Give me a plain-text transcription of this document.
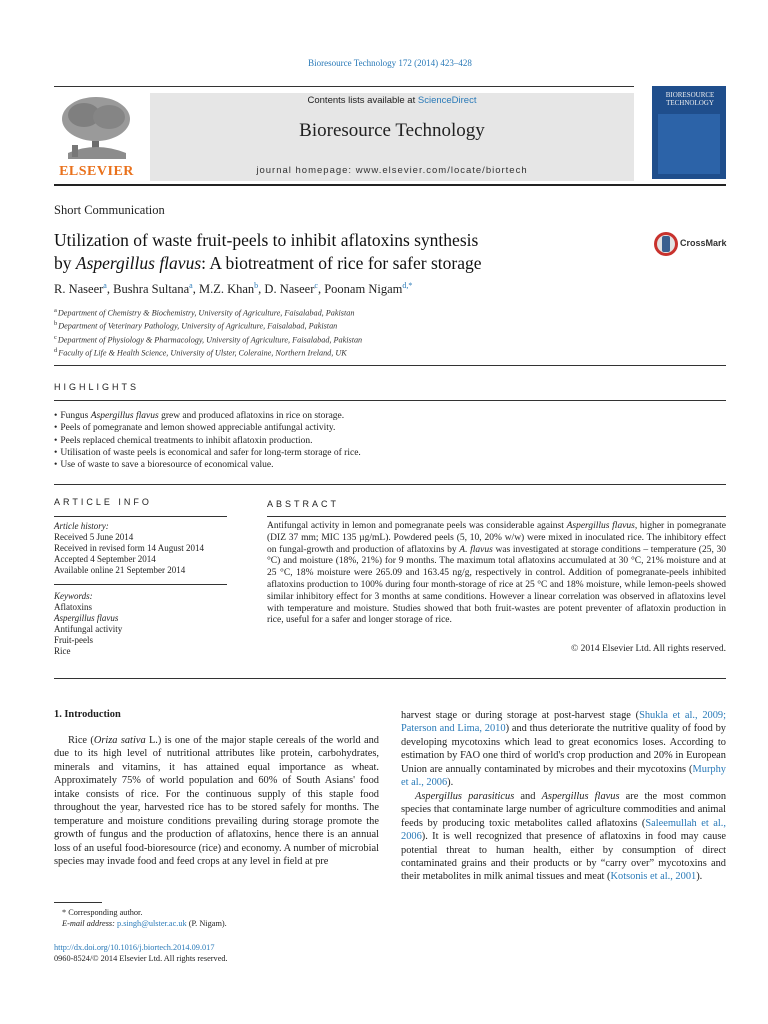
Bioresource Technology 172 (2014) 423–428
ELSEVIER
Contents lists available at ScienceDirect
Bioresource Technology
journal homepage: www.elsevier.com/locate/biortech
BIORESOURCE TECHNOLOGY
Short Communication
Utilization of waste fruit-peels to inhibit aflatoxins synthesis
by Aspergillus flavus: A biotreatment of rice for safer storage
CrossMark
R. Naseer$^a$, Bushra Sultana$^a$, M.Z. Khan$^b$, D. Naseer$^c$, Poonam Nigam$^{d,*}$
$^a$Department of Chemistry & Biochemistry, University of Agriculture, Faisalabad, Pakistan
$^b$Department of Veterinary Pathology, University of Agriculture, Faisalabad, Pakistan
$^c$Department of Physiology & Pharmacology, University of Agriculture, Faisalabad, Pakistan
$^d$Faculty of Life & Health Science, University of Ulster, Coleraine, Northern Ireland, UK
HIGHLIGHTS
• Fungus Aspergillus flavus grew and produced aflatoxins in rice on storage.
• Peels of pomegranate and lemon showed appreciable antifungal activity.
• Peels replaced chemical treatments to inhibit aflatoxin production.
• Utilisation of waste peels is economical and safer for long-term storage of rice.
• Use of waste to save a bioresource of economical value.
ARTICLE INFO	ABSTRACT
Article history:
Received 5 June 2014
Received in revised form 14 August 2014
Accepted 4 September 2014
Available online 21 September 2014
Keywords:
Aflatoxins
Aspergillus flavus
Antifungal activity
Fruit-peels
Rice
Antifungal activity in lemon and pomegranate peels was considerable against Aspergillus flavus, higher in pomegranate (DIZ 37 mm; MIC 135 µg/mL). Powdered peels (5, 10, 20% w/w) were mixed in inoculated rice. The inhibitory effect on fungal-growth and production of aflatoxins by A. flavus was investigated at storage conditions – temperature (25, 30 °C) and moisture (18%, 21%) for 9 months. The maximum total aflatoxins accumulated at 30 °C, 21% moisture and at 25 °C, 18% moisture were 265.09 and 163.45 ng/g, respectively in control. Addition of pomegranate-peels inhibited aflatoxins production to 100% during four month-storage of rice at 25 °C and 18% moisture, while lemon-peels showed similar inhibitory effect for 3 months at same conditions. However a linear correlation was observed in aflatoxins level with temperature and moisture. Studies showed that both fruit-wastes are potent preventer of aflatoxin production in rice, useful for a safer and longer storage of rice.
© 2014 Elsevier Ltd. All rights reserved.
1. Introduction
Rice (Oriza sativa L.) is one of the major staple cereals of the world and due to its high level of nutritional attributes like protein, carbohydrates, minerals and vitamins, it has attained equal importance as wheat. Approximately 75% of world population and 60% of South Asians' food intake consists of rice. For the continuous supply of this staple food throughout the year, harvested rice has to be stored safely for months. The temperature and moisture conditions prevailing during storage promote the growth of fungus and the production of aflatoxins, hence there is an annual loss of an useful food-bioresource (rice) and economy. A number of microbial species may invade food and feed crops at any level in field at pre

harvest stage or during storage at post-harvest stage (Shukla et al., 2009; Paterson and Lima, 2010) and thus deteriorate the nutritive quality of food by developing mycotoxins which lead to great economics loses. According to estimation by FAO one third of world's crop production and 20% in European Union are annually contaminated by microbes and their mycotoxins (Murphy et al., 2006).

Aspergillus parasiticus and Aspergillus flavus are the most common species that contaminate large number of agriculture commodities and animal feeds by producing toxic metabolites called aflatoxins (Saleemullah et al., 2006). It is well recognized that presence of aflatoxins in food may cause potential threat to human health, either by consumption of direct contaminated grains and their products or by “carry over” mycotoxins and their metabolites in milk animal tissues and meat (Kotsonis et al., 2001).

* Corresponding author.
E-mail address: p.singh@ulster.ac.uk (P. Nigam).
http://dx.doi.org/10.1016/j.biortech.2014.09.017
0960-8524/© 2014 Elsevier Ltd. All rights reserved.
